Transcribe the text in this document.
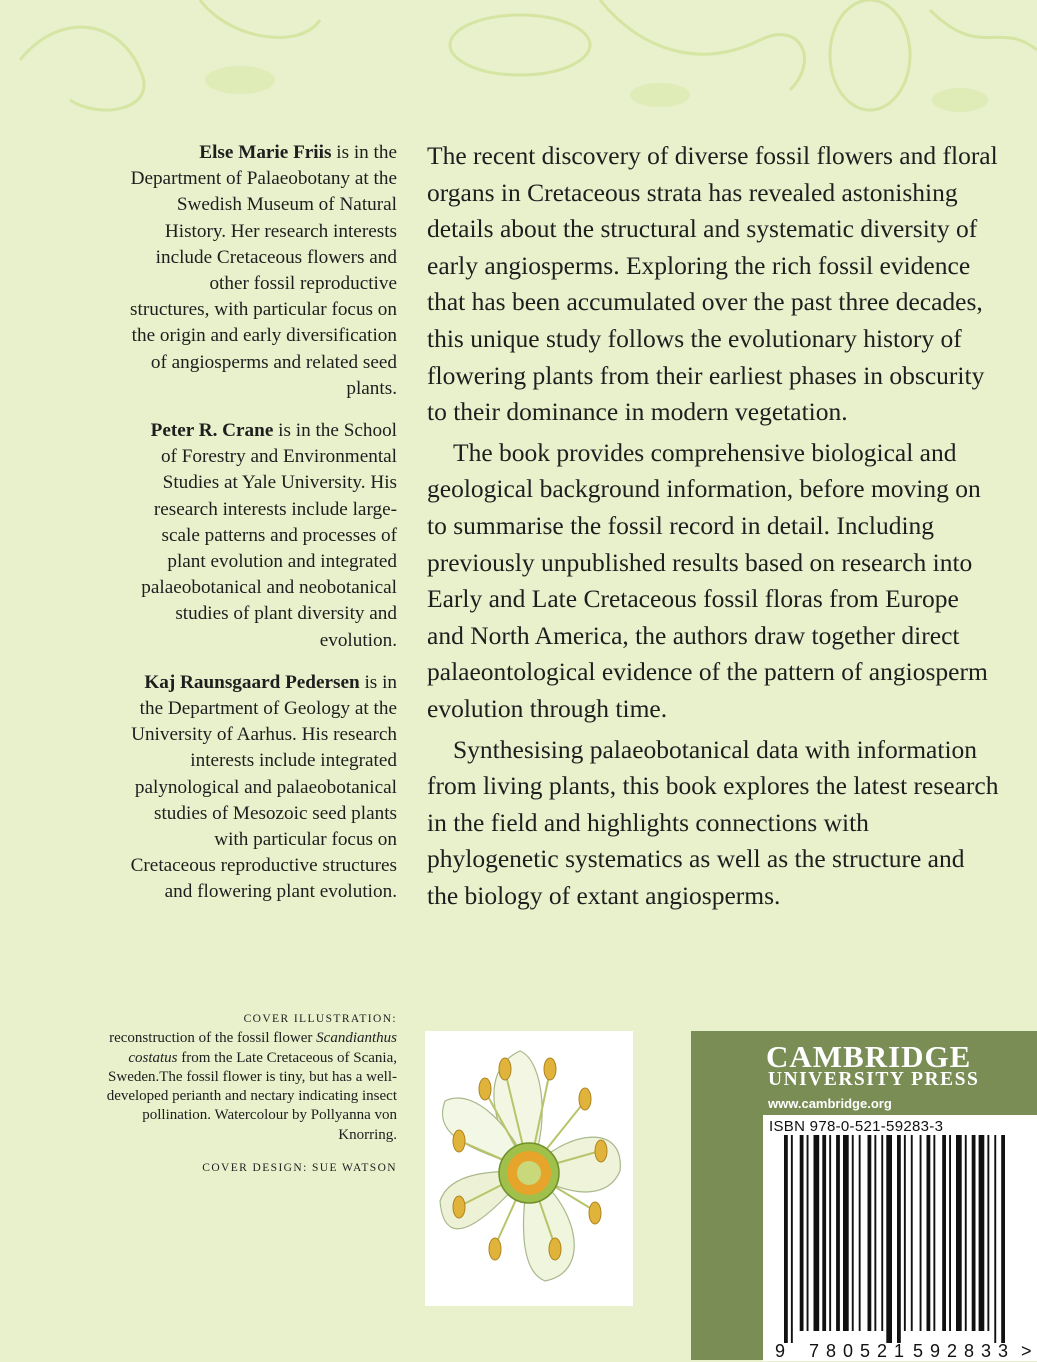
Else Marie Friis is in the Department of Palaeobotany at the Swedish Museum of Natural History. Her research interests include Cretaceous flowers and other fossil reproductive structures, with particular focus on the origin and early diversification of angiosperms and related seed plants.

Peter R. Crane is in the School of Forestry and Environmental Studies at Yale University. His research interests include large-scale patterns and processes of plant evolution and integrated palaeobotanical and neobotanical studies of plant diversity and evolution.

Kaj Raunsgaard Pedersen is in the Department of Geology at the University of Aarhus. His research interests include integrated palynological and palaeobotanical studies of Mesozoic seed plants with particular focus on Cretaceous reproductive structures and flowering plant evolution.

The recent discovery of diverse fossil flowers and floral organs in Cretaceous strata has revealed astonishing details about the structural and systematic diversity of early angiosperms. Exploring the rich fossil evidence that has been accumulated over the past three decades, this unique study follows the evolutionary history of flowering plants from their earliest phases in obscurity to their dominance in modern vegetation.

The book provides comprehensive biological and geological background information, before moving on to summarise the fossil record in detail. Including previously unpublished results based on research into Early and Late Cretaceous fossil floras from Europe and North America, the authors draw together direct palaeontological evidence of the pattern of angiosperm evolution through time.

Synthesising palaeobotanical data with information from living plants, this book explores the latest research in the field and highlights connections with phylogenetic systematics as well as the structure and the biology of extant angiosperms.

COVER ILLUSTRATION:
reconstruction of the fossil flower Scandianthus costatus from the Late Cretaceous of Scania, Sweden.The fossil flower is tiny, but has a well-developed perianth and nectary indicating insect pollination. Watercolour by Pollyanna von Knorring.
COVER DESIGN: SUE WATSON
CAMBRIDGE
UNIVERSITY PRESS
www.cambridge.org
ISBN 978-0-521-59283-3
9 780521 592833 >
